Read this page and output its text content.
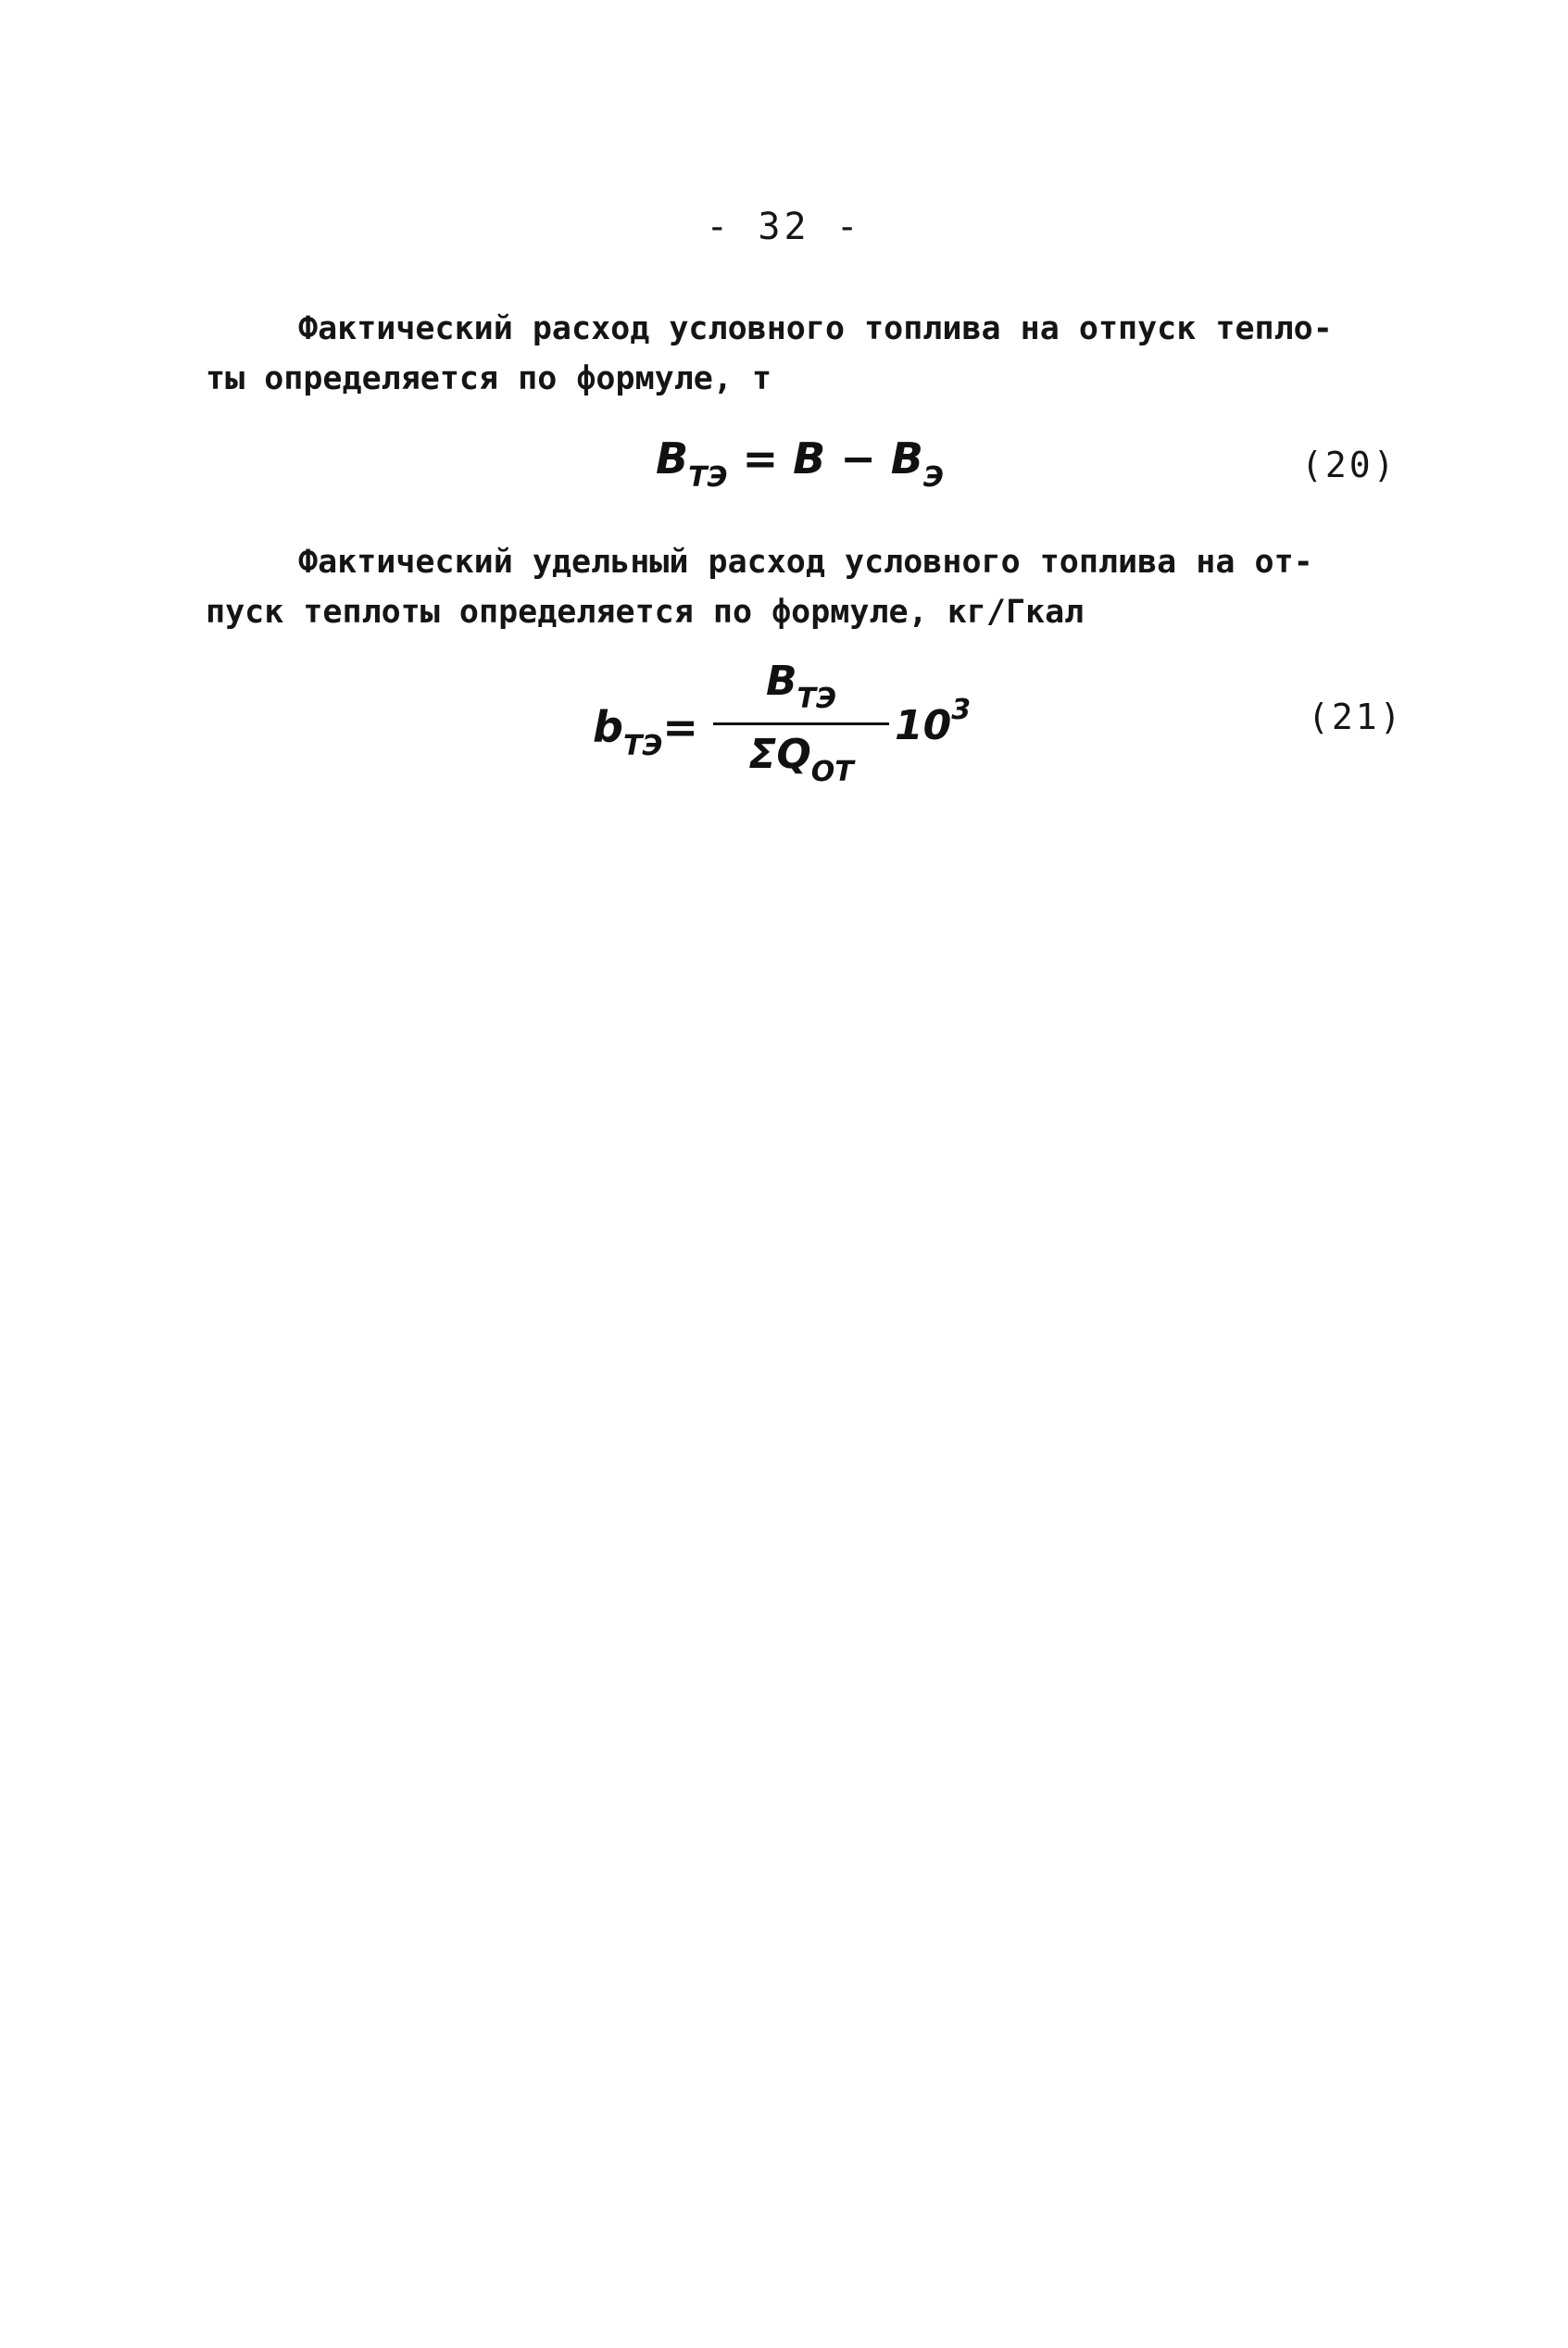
- 32 -
Фактический расход условного топлива на отпуск тепло-
ты определяется по формуле, т
$B_{ТЭ} = B - B_Э$	(20)
Фактический удельный расход условного топлива на от-
пуск теплоты определяется по формуле, кг/Гкал
$b_{ТЭ}=$
$B_{ТЭ}$
$\Sigma Q_{ОТ}$
$10^3$	(21)
